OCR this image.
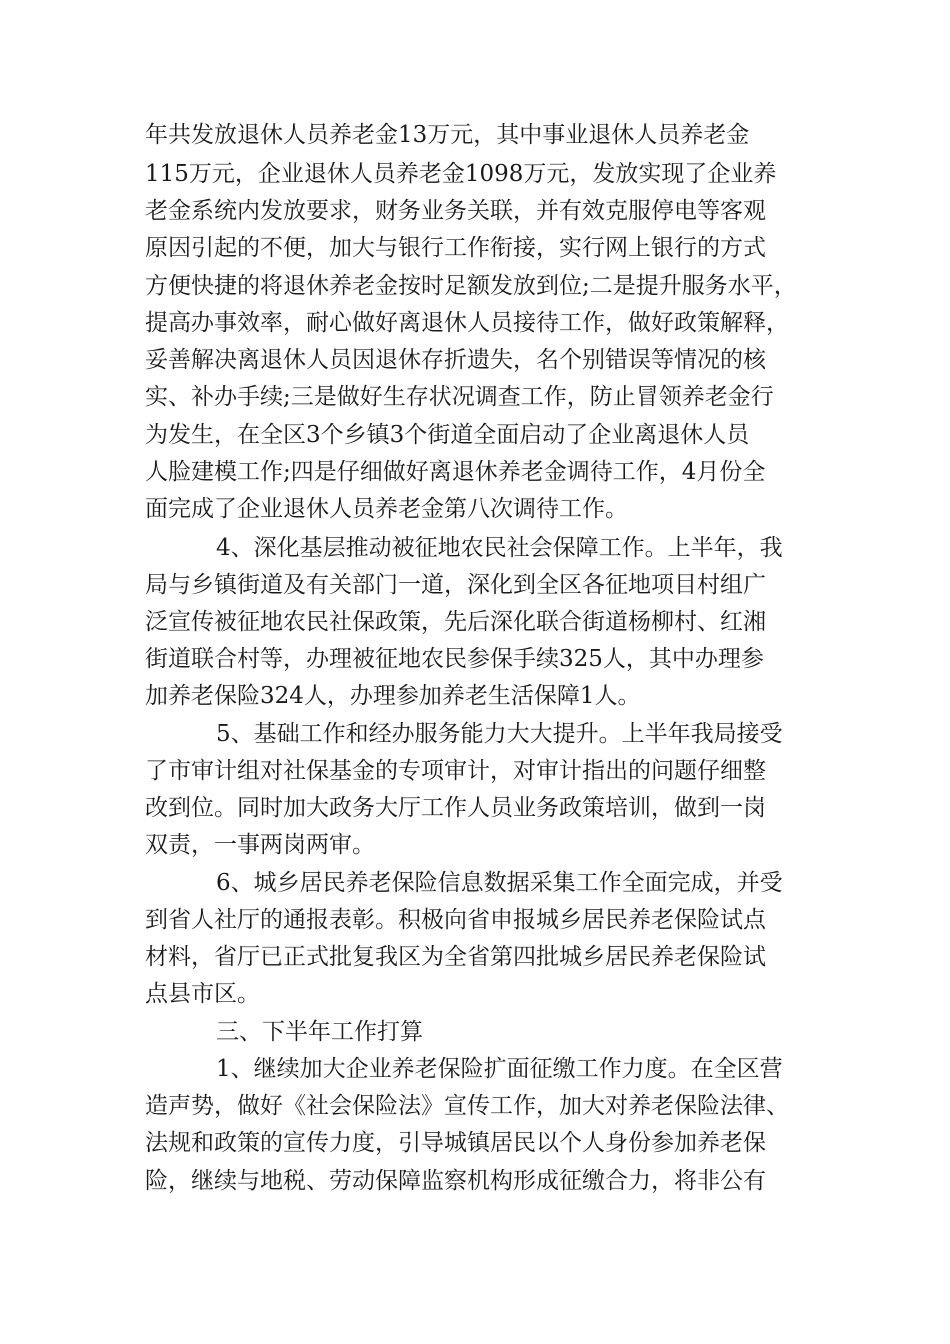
年共发放退休人员养老金13万元，其中事业退休人员养老金
115万元，企业退休人员养老金1098万元，发放实现了企业养
老金系统内发放要求，财务业务关联，并有效克服停电等客观
原因引起的不便，加大与银行工作衔接，实行网上银行的方式
方便快捷的将退休养老金按时足额发放到位;二是提升服务水平，
提高办事效率，耐心做好离退休人员接待工作，做好政策解释，
妥善解决离退休人员因退休存折遗失，名个别错误等情况的核
实、补办手续;三是做好生存状况调查工作，防止冒领养老金行
为发生，在全区3个乡镇3个街道全面启动了企业离退休人员
人脸建模工作;四是仔细做好离退休养老金调待工作，4月份全
面完成了企业退休人员养老金第八次调待工作。
4、深化基层推动被征地农民社会保障工作。上半年，我
局与乡镇街道及有关部门一道，深化到全区各征地项目村组广
泛宣传被征地农民社保政策，先后深化联合街道杨柳村、红湘
街道联合村等，办理被征地农民参保手续325人，其中办理参
加养老保险324人，办理参加养老生活保障1人。
5、基础工作和经办服务能力大大提升。上半年我局接受
了市审计组对社保基金的专项审计，对审计指出的问题仔细整
改到位。同时加大政务大厅工作人员业务政策培训，做到一岗
双责，一事两岗两审。
6、城乡居民养老保险信息数据采集工作全面完成，并受
到省人社厅的通报表彰。积极向省申报城乡居民养老保险试点
材料，省厅已正式批复我区为全省第四批城乡居民养老保险试
点县市区。
三、下半年工作打算
1、继续加大企业养老保险扩面征缴工作力度。在全区营
造声势，做好《社会保险法》宣传工作，加大对养老保险法律、
法规和政策的宣传力度，引导城镇居民以个人身份参加养老保
险，继续与地税、劳动保障监察机构形成征缴合力，将非公有
